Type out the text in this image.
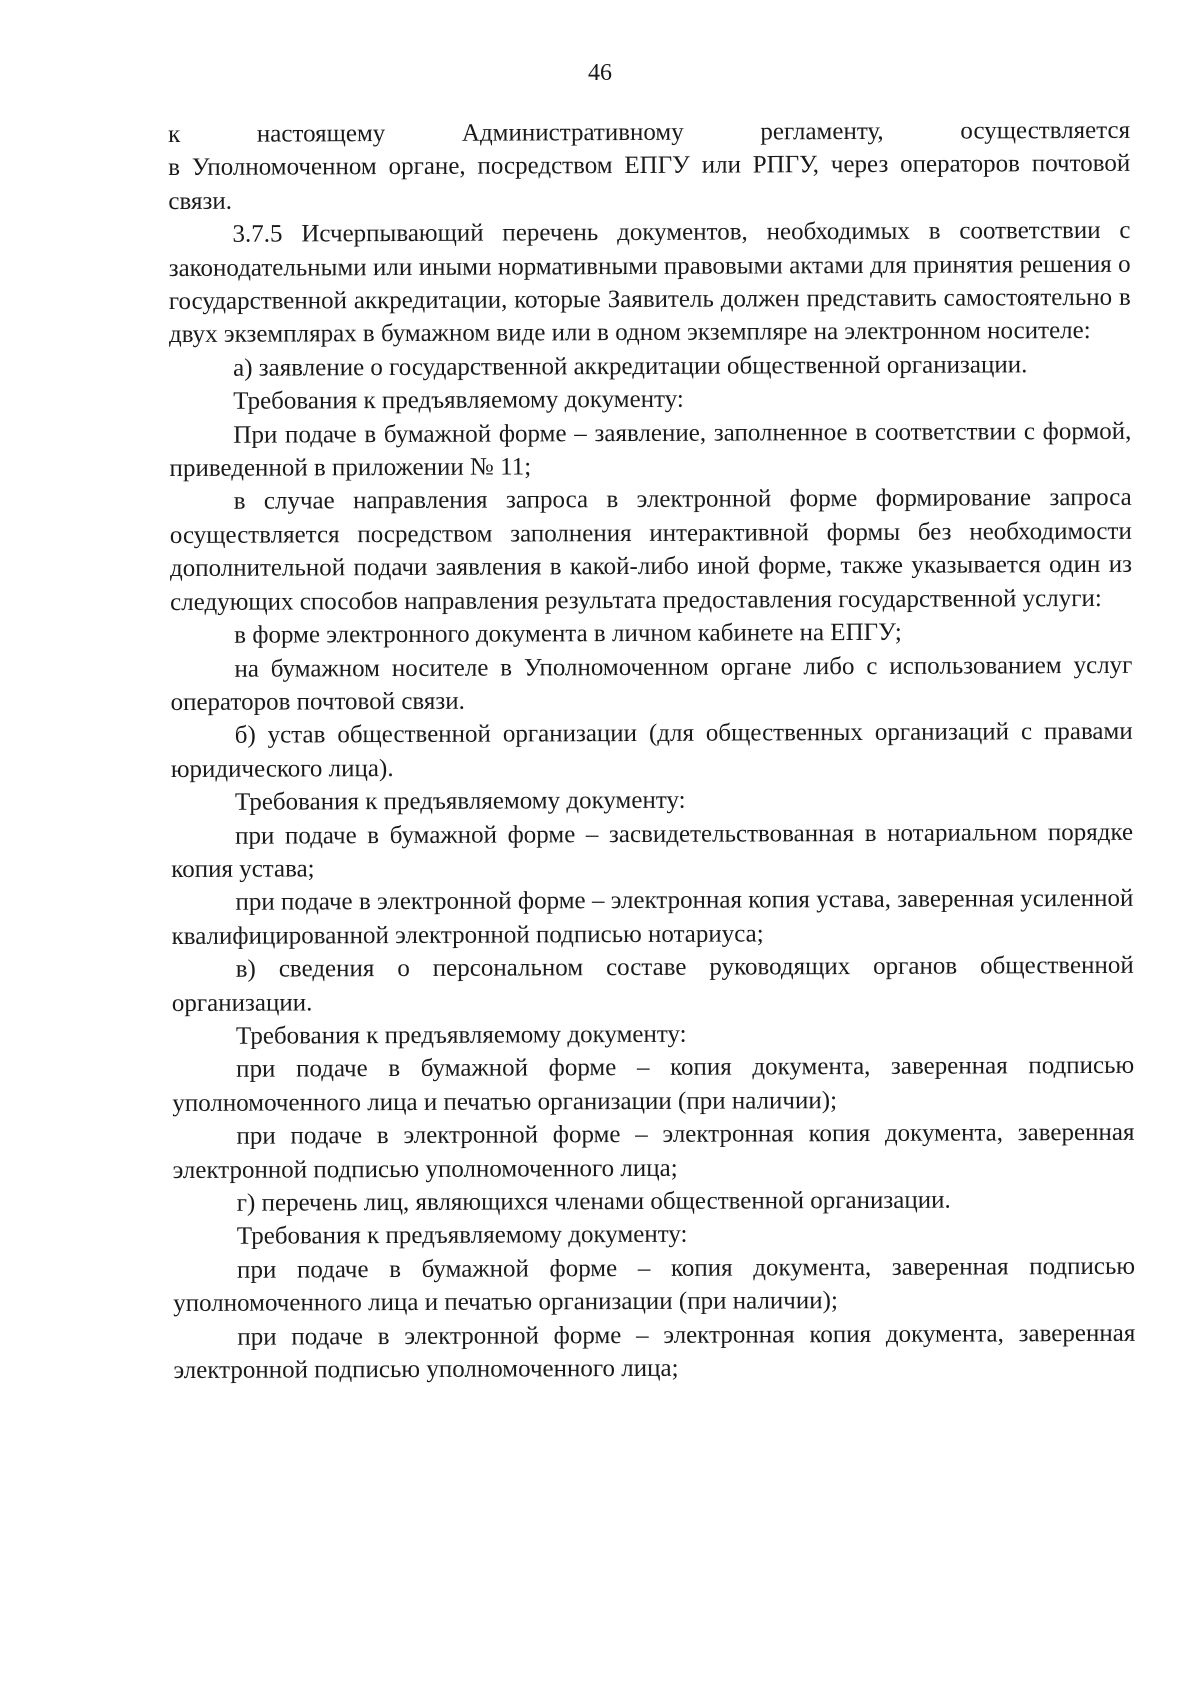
46

к настоящему Административному регламенту, осуществляется

в Уполномоченном органе, посредством ЕПГУ или РПГУ, через операторов почтовой связи.

3.7.5 Исчерпывающий перечень документов, необходимых в соответствии с законодательными или иными нормативными правовыми актами для принятия решения о государственной аккредитации, которые Заявитель должен представить самостоятельно в двух экземплярах в бумажном виде или в одном экземпляре на электронном носителе:

а) заявление о государственной аккредитации общественной организации.

Требования к предъявляемому документу:

При подаче в бумажной форме – заявление, заполненное в соответствии с формой, приведенной в приложении № 11;

в случае направления запроса в электронной форме формирование запроса осуществляется посредством заполнения интерактивной формы без необходимости дополнительной подачи заявления в какой-либо иной форме, также указывается один из следующих способов направления результата предоставления государственной услуги:

в форме электронного документа в личном кабинете на ЕПГУ;

на бумажном носителе в Уполномоченном органе либо с использованием услуг операторов почтовой связи.

б) устав общественной организации (для общественных организаций с правами юридического лица).

Требования к предъявляемому документу:

при подаче в бумажной форме – засвидетельствованная в нотариальном порядке копия устава;

при подаче в электронной форме – электронная копия устава, заверенная усиленной квалифицированной электронной подписью нотариуса;

в) сведения о персональном составе руководящих органов общественной организации.

Требования к предъявляемому документу:

при подаче в бумажной форме – копия документа, заверенная подписью уполномоченного лица и печатью организации (при наличии);

при подаче в электронной форме – электронная копия документа, заверенная электронной подписью уполномоченного лица;

г) перечень лиц, являющихся членами общественной организации.

Требования к предъявляемому документу:

при подаче в бумажной форме – копия документа, заверенная подписью уполномоченного лица и печатью организации (при наличии);

при подаче в электронной форме – электронная копия документа, заверенная электронной подписью уполномоченного лица;
